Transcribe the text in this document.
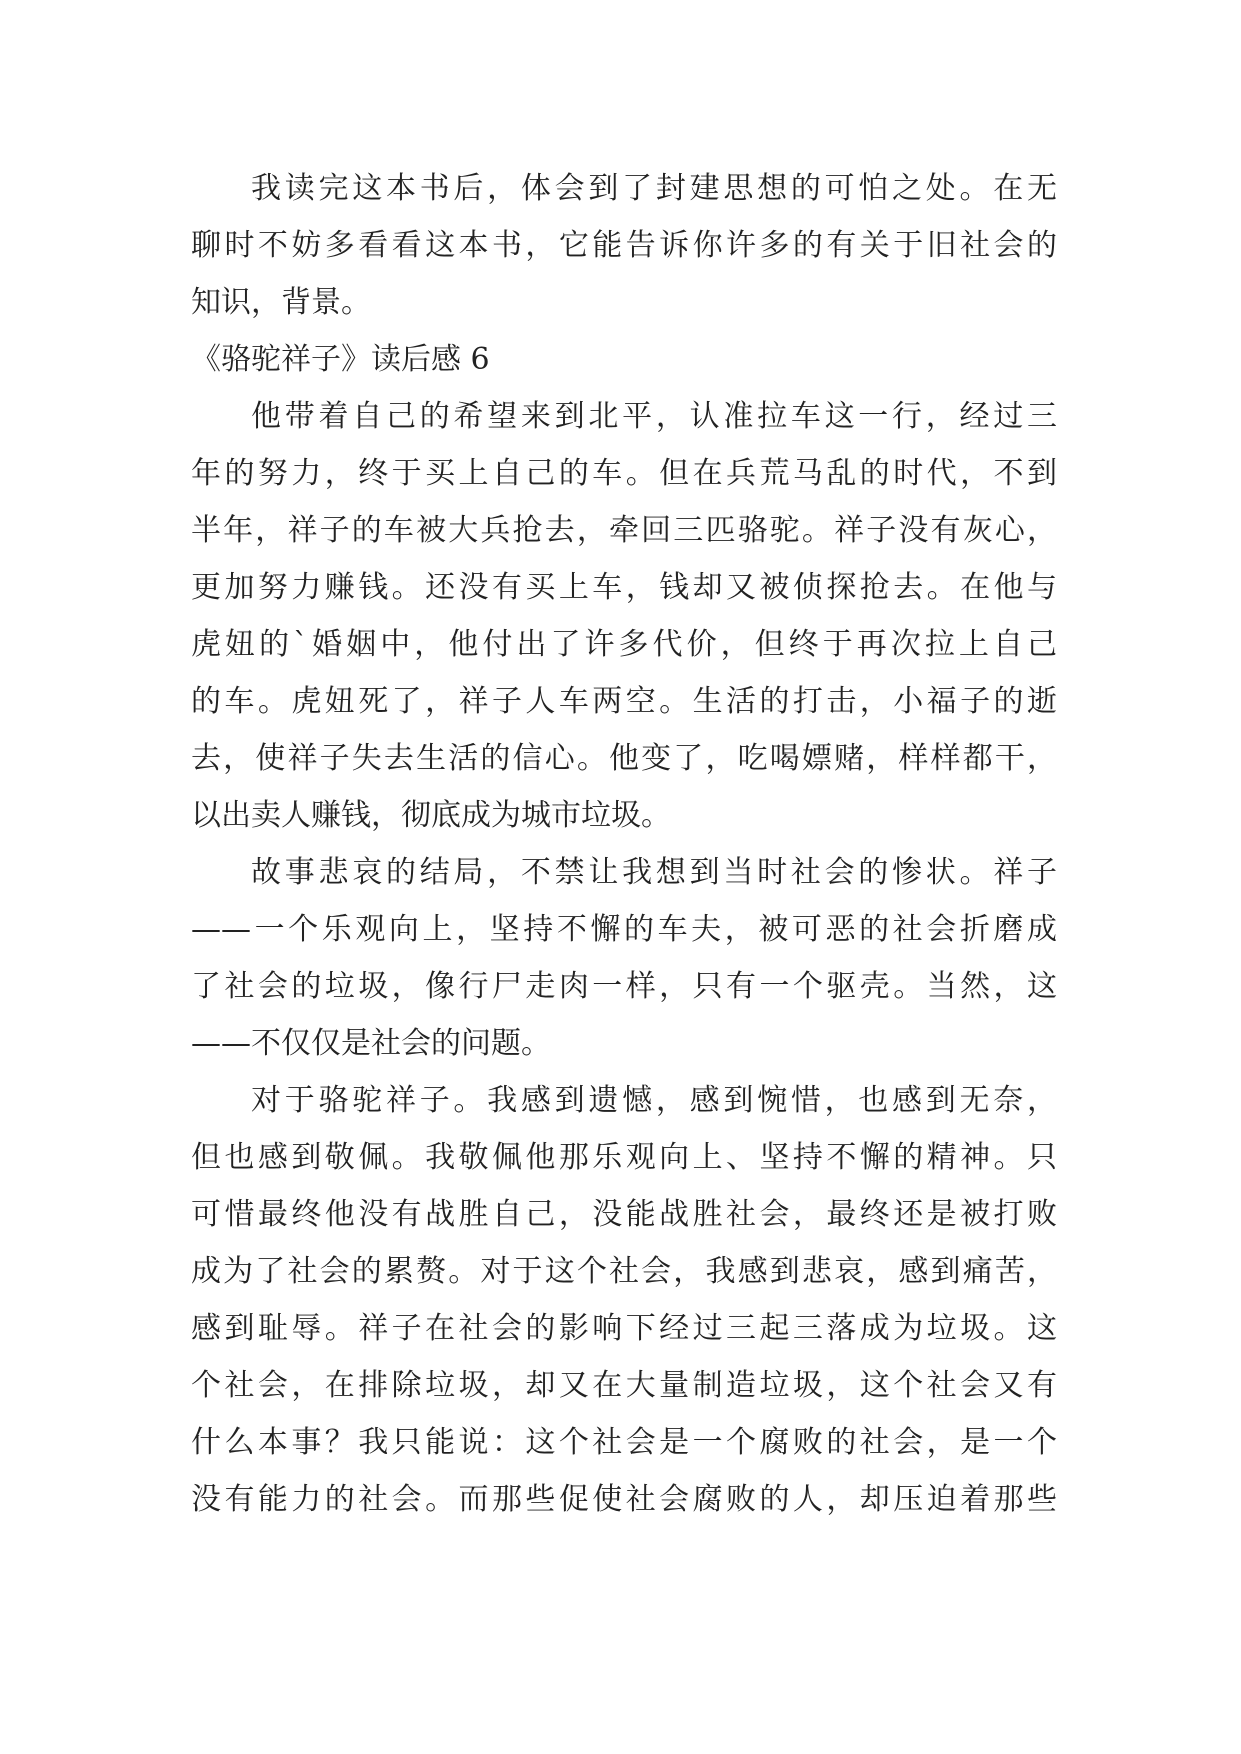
我读完这本书后，体会到了封建思想的可怕之处。在无
聊时不妨多看看这本书，它能告诉你许多的有关于旧社会的
知识，背景。
《骆驼祥子》读后感 6
他带着自己的希望来到北平，认准拉车这一行，经过三
年的努力，终于买上自己的车。但在兵荒马乱的时代，不到
半年，祥子的车被大兵抢去，牵回三匹骆驼。祥子没有灰心，
更加努力赚钱。还没有买上车，钱却又被侦探抢去。在他与
虎妞的`婚姻中，他付出了许多代价，但终于再次拉上自己
的车。虎妞死了，祥子人车两空。生活的打击，小福子的逝
去，使祥子失去生活的信心。他变了，吃喝嫖赌，样样都干，
以出卖人赚钱，彻底成为城市垃圾。
故事悲哀的结局，不禁让我想到当时社会的惨状。祥子
——一个乐观向上，坚持不懈的车夫，被可恶的社会折磨成
了社会的垃圾，像行尸走肉一样，只有一个驱壳。当然，这
——不仅仅是社会的问题。
对于骆驼祥子。我感到遗憾，感到惋惜，也感到无奈，
但也感到敬佩。我敬佩他那乐观向上、坚持不懈的精神。只
可惜最终他没有战胜自己，没能战胜社会，最终还是被打败
成为了社会的累赘。对于这个社会，我感到悲哀，感到痛苦，
感到耻辱。祥子在社会的影响下经过三起三落成为垃圾。这
个社会，在排除垃圾，却又在大量制造垃圾，这个社会又有
什么本事？我只能说：这个社会是一个腐败的社会，是一个
没有能力的社会。而那些促使社会腐败的人，却压迫着那些
